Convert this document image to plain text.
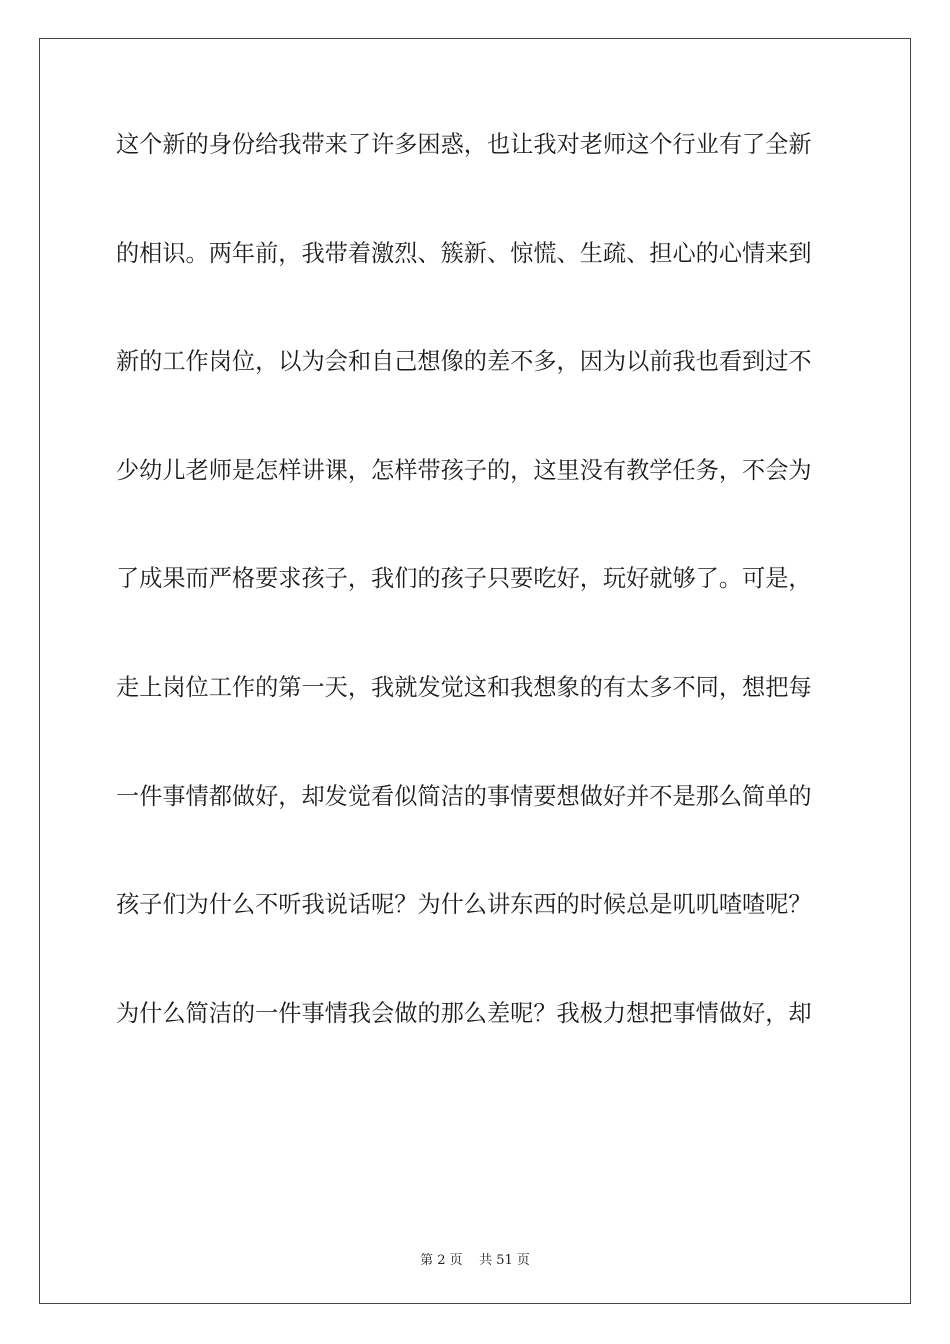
这个新的身份给我带来了许多困惑，也让我对老师这个行业有了全新
的相识。两年前，我带着激烈、簇新、惊慌、生疏、担心的心情来到
新的工作岗位，以为会和自己想像的差不多，因为以前我也看到过不
少幼儿老师是怎样讲课，怎样带孩子的，这里没有教学任务，不会为
了成果而严格要求孩子，我们的孩子只要吃好，玩好就够了。可是，
走上岗位工作的第一天，我就发觉这和我想象的有太多不同，想把每
一件事情都做好，却发觉看似简洁的事情要想做好并不是那么简单的
孩子们为什么不听我说话呢？为什么讲东西的时候总是叽叽喳喳呢？
为什么简洁的一件事情我会做的那么差呢？我极力想把事情做好，却
第 2 页    共 51 页
